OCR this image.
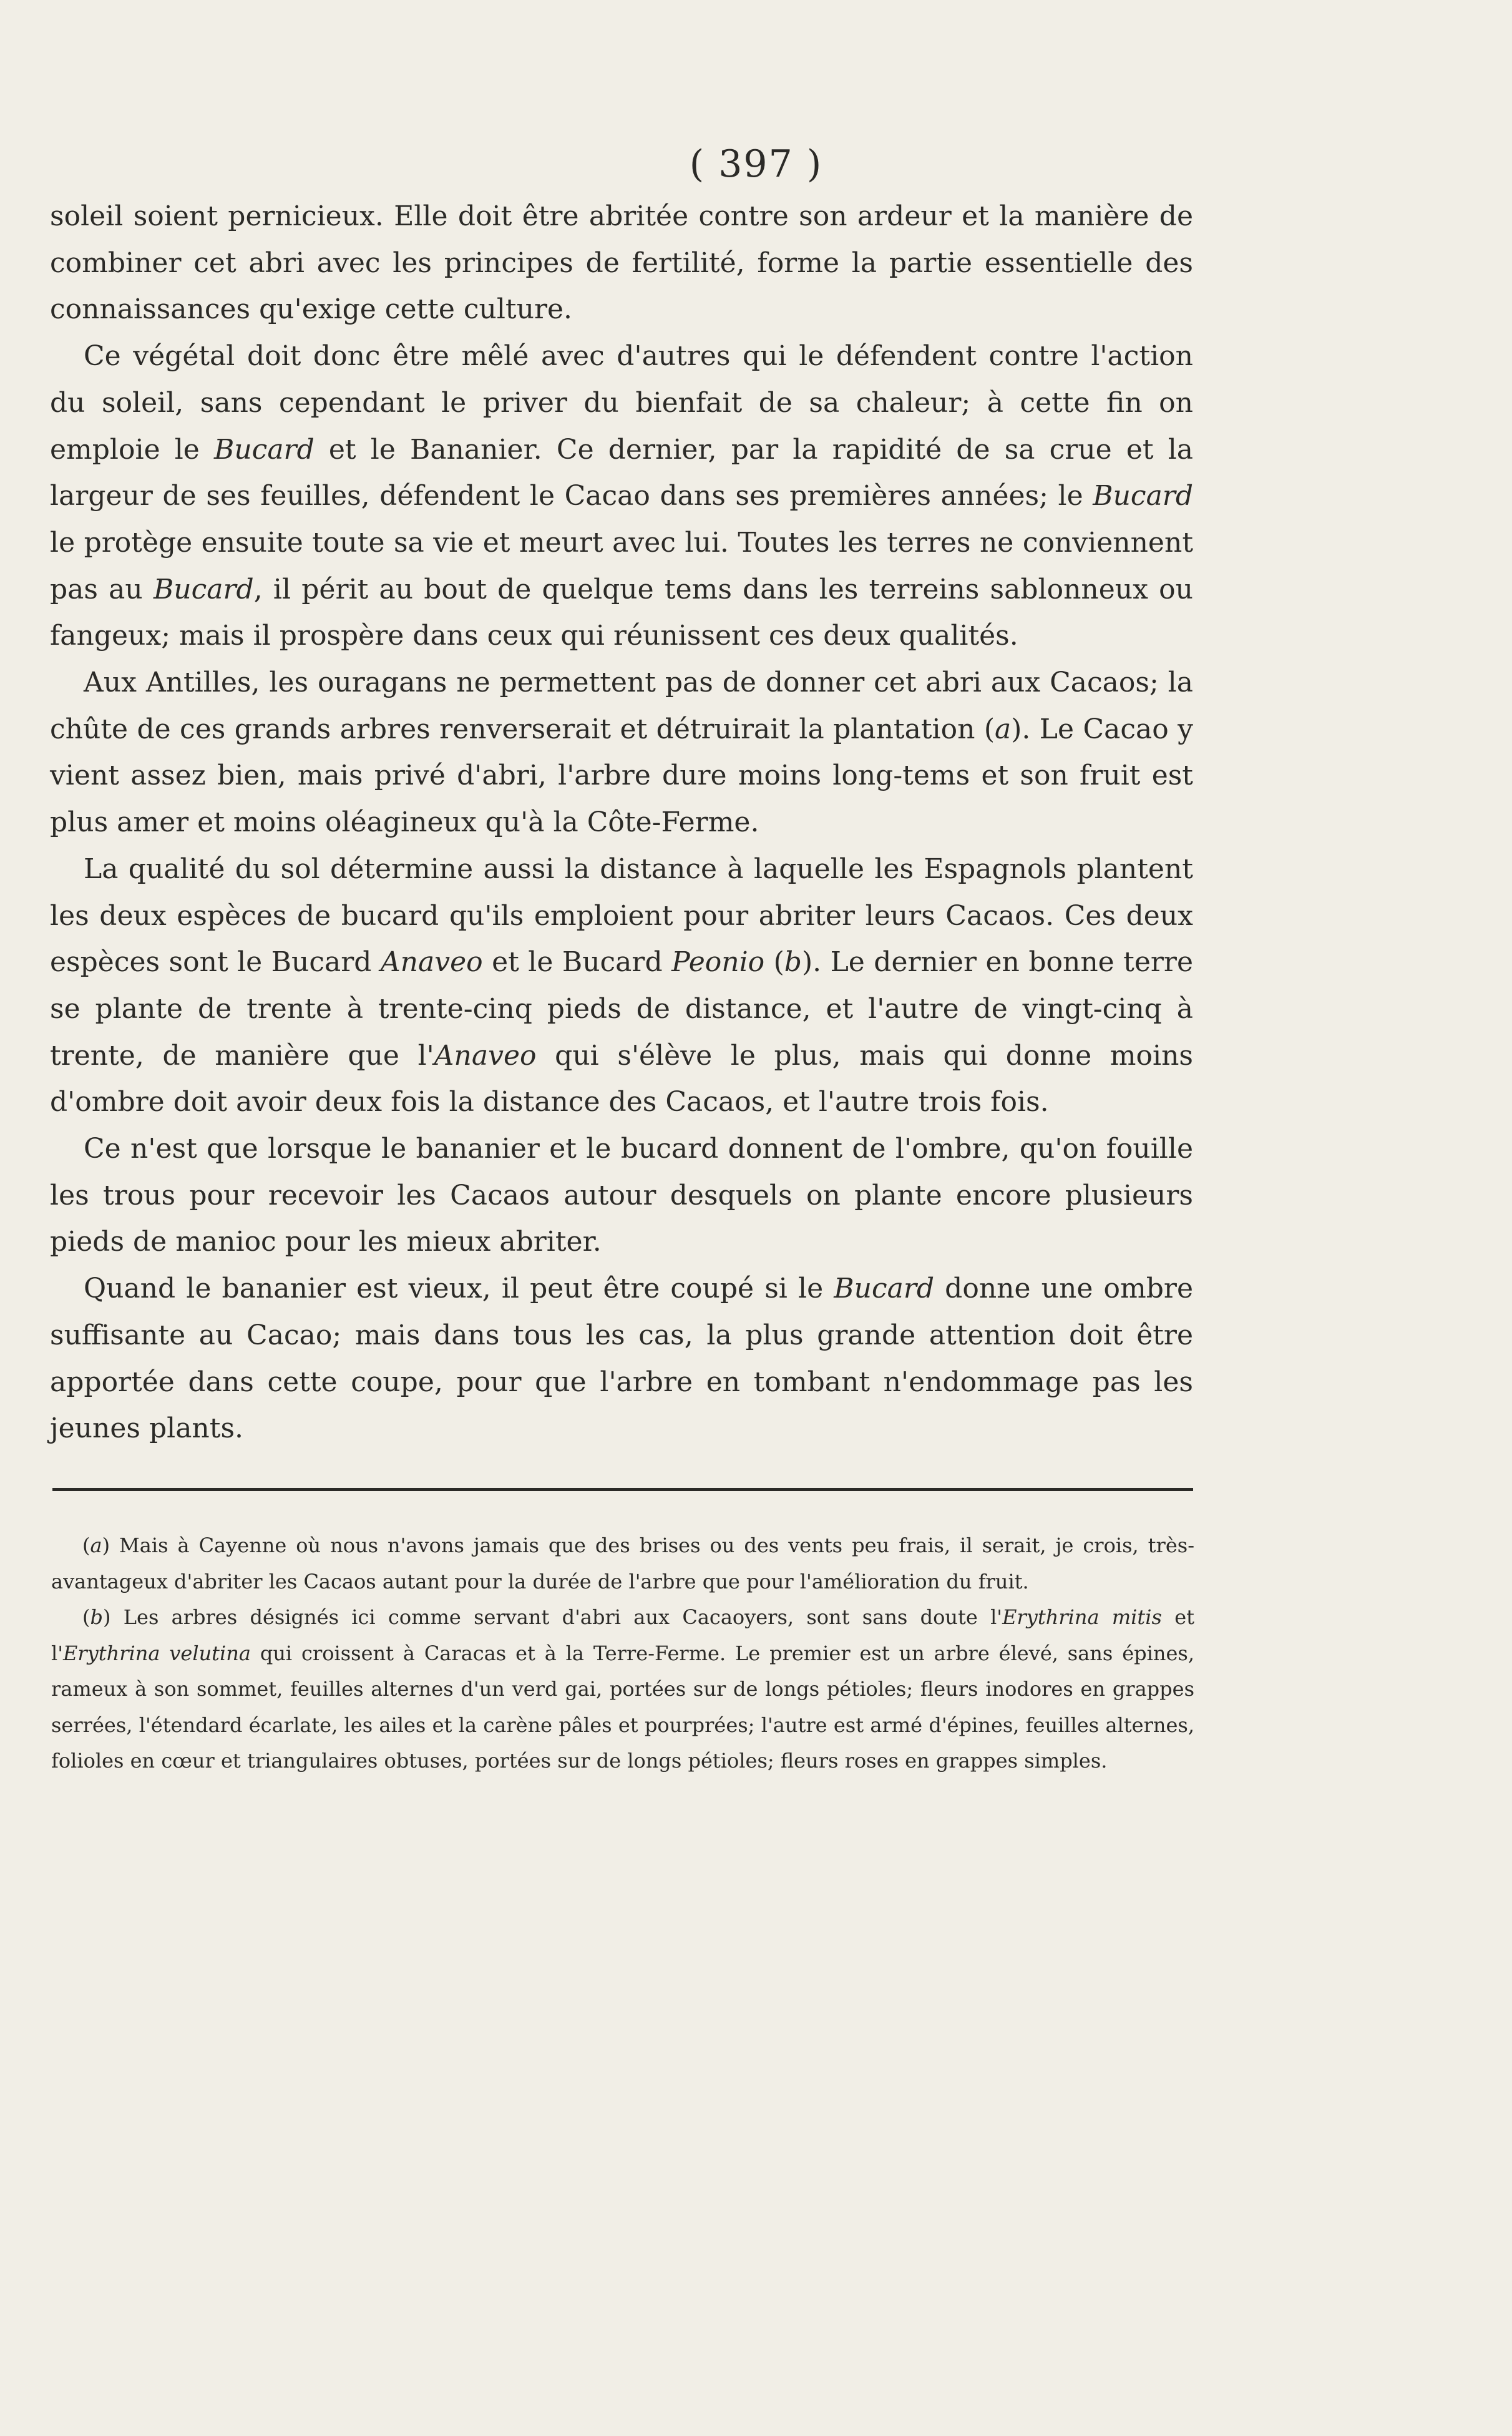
( 397 )

soleil soient pernicieux. Elle doit être abritée contre son ardeur et la manière de combiner cet abri avec les principes de fertilité, forme la partie essentielle des connaissances qu'exige cette culture.

Ce végétal doit donc être mêlé avec d'autres qui le défendent contre l'action du soleil, sans cependant le priver du bienfait de sa chaleur; à cette fin on emploie le Bucard et le Bananier. Ce dernier, par la rapidité de sa crue et la largeur de ses feuilles, défendent le Cacao dans ses premières années; le Bucard le protège ensuite toute sa vie et meurt avec lui. Toutes les terres ne conviennent pas au Bucard, il périt au bout de quelque tems dans les terreins sablonneux ou fangeux; mais il prospère dans ceux qui réunissent ces deux qualités.

Aux Antilles, les ouragans ne permettent pas de donner cet abri aux Cacaos; la chûte de ces grands arbres renverserait et détruirait la plantation (a). Le Cacao y vient assez bien, mais privé d'abri, l'arbre dure moins long-tems et son fruit est plus amer et moins oléagineux qu'à la Côte-Ferme.

La qualité du sol détermine aussi la distance à laquelle les Espagnols plantent les deux espèces de bucard qu'ils emploient pour abriter leurs Cacaos. Ces deux espèces sont le Bucard Anaveo et le Bucard Peonio (b). Le dernier en bonne terre se plante de trente à trente-cinq pieds de distance, et l'autre de vingt-cinq à trente, de manière que l'Anaveo qui s'élève le plus, mais qui donne moins d'ombre doit avoir deux fois la distance des Cacaos, et l'autre trois fois.

Ce n'est que lorsque le bananier et le bucard donnent de l'ombre, qu'on fouille les trous pour recevoir les Cacaos autour desquels on plante encore plusieurs pieds de manioc pour les mieux abriter.

Quand le bananier est vieux, il peut être coupé si le Bucard donne une ombre suffisante au Cacao; mais dans tous les cas, la plus grande attention doit être apportée dans cette coupe, pour que l'arbre en tombant n'endommage pas les jeunes plants.

(a) Mais à Cayenne où nous n'avons jamais que des brises ou des vents peu frais, il serait, je crois, très-avantageux d'abriter les Cacaos autant pour la durée de l'arbre que pour l'amélioration du fruit.

(b) Les arbres désignés ici comme servant d'abri aux Cacaoyers, sont sans doute l'Erythrina mitis et l'Erythrina velutina qui croissent à Caracas et à la Terre-Ferme. Le premier est un arbre élevé, sans épines, rameux à son sommet, feuilles alternes d'un verd gai, portées sur de longs pétioles; fleurs inodores en grappes serrées, l'étendard écarlate, les ailes et la carène pâles et pourprées; l'autre est armé d'épines, feuilles alternes, folioles en cœur et triangulaires obtuses, portées sur de longs pétioles; fleurs roses en grappes simples.
